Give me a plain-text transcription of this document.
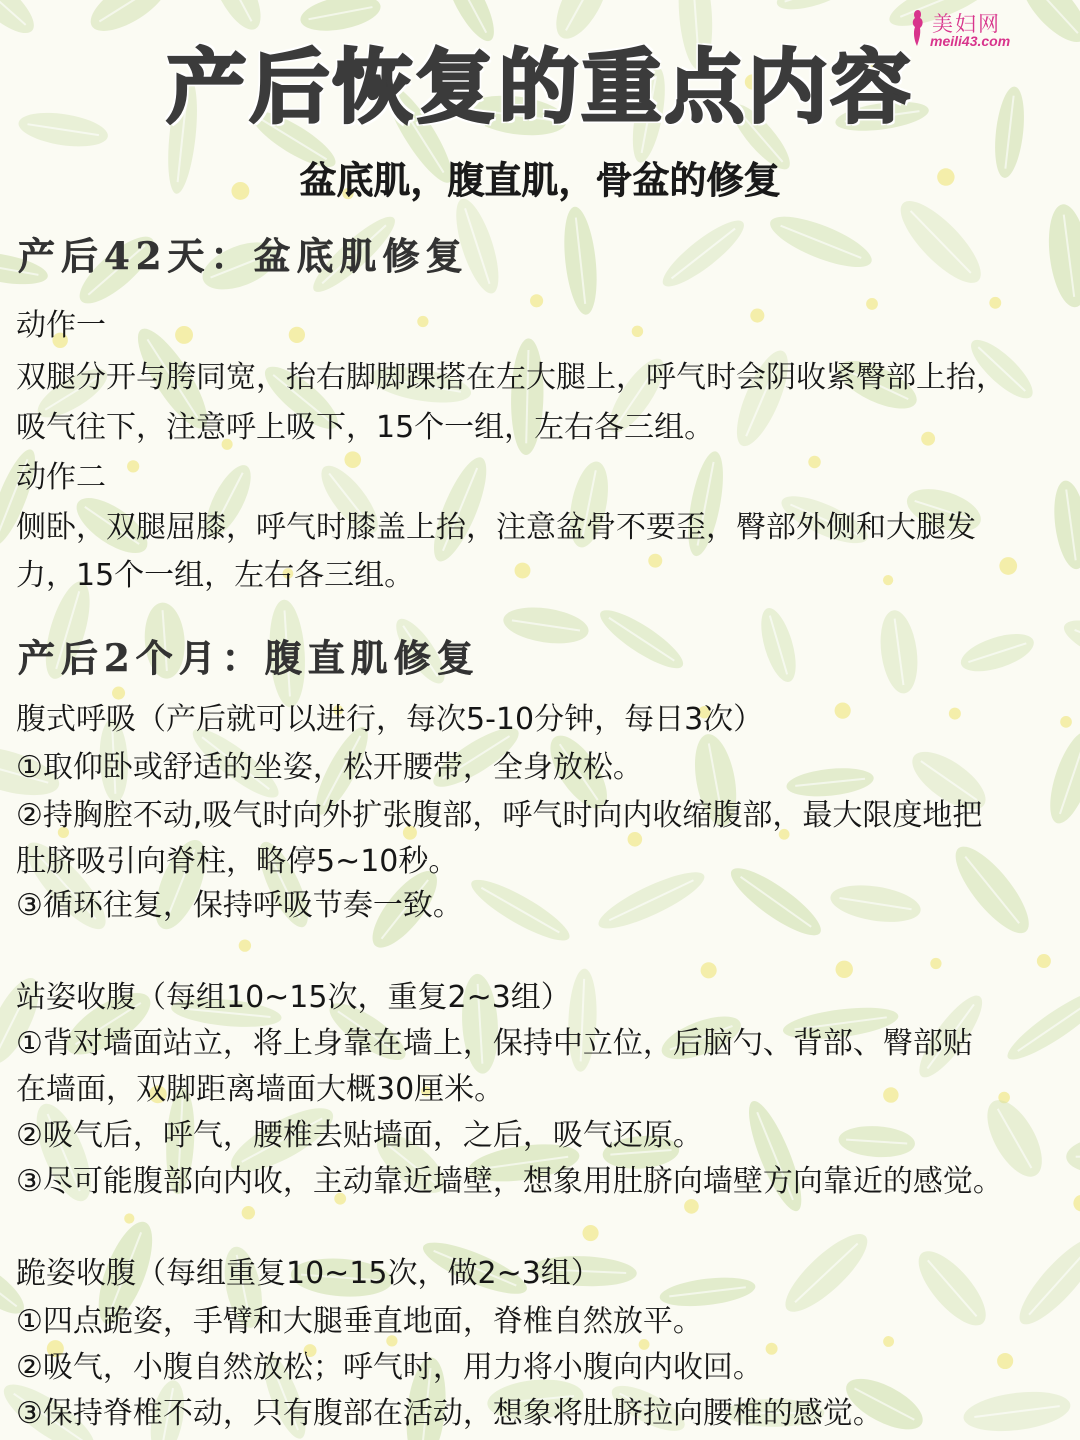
美妇网
meili43.com
产后恢复的重点内容
盆底肌，腹直肌，骨盆的修复
产后42天：盆底肌修复
动作一
双腿分开与胯同宽，抬右脚脚踝搭在左大腿上，呼气时会阴收紧臀部上抬，
吸气往下，注意呼上吸下，15个一组，左右各三组。
动作二
侧卧，双腿屈膝，呼气时膝盖上抬，注意盆骨不要歪，臀部外侧和大腿发
力，15个一组，左右各三组。
产后2个月：腹直肌修复
腹式呼吸（产后就可以进行，每次5-10分钟，每日3次）
①取仰卧或舒适的坐姿，松开腰带，全身放松。
②持胸腔不动,吸气时向外扩张腹部，呼气时向内收缩腹部，最大限度地把
肚脐吸引向脊柱，略停5~10秒。
③循环往复，保持呼吸节奏一致。
站姿收腹（每组10~15次，重复2~3组）
①背对墙面站立，将上身靠在墙上，保持中立位，后脑勺、背部、臀部贴
在墙面，双脚距离墙面大概30厘米。
②吸气后，呼气，腰椎去贴墙面，之后，吸气还原。
③尽可能腹部向内收，主动靠近墙壁，想象用肚脐向墙壁方向靠近的感觉。
跪姿收腹（每组重复10~15次，做2~3组）
①四点跪姿，手臂和大腿垂直地面，脊椎自然放平。
②吸气，小腹自然放松；呼气时，用力将小腹向内收回。
③保持脊椎不动，只有腹部在活动，想象将肚脐拉向腰椎的感觉。
